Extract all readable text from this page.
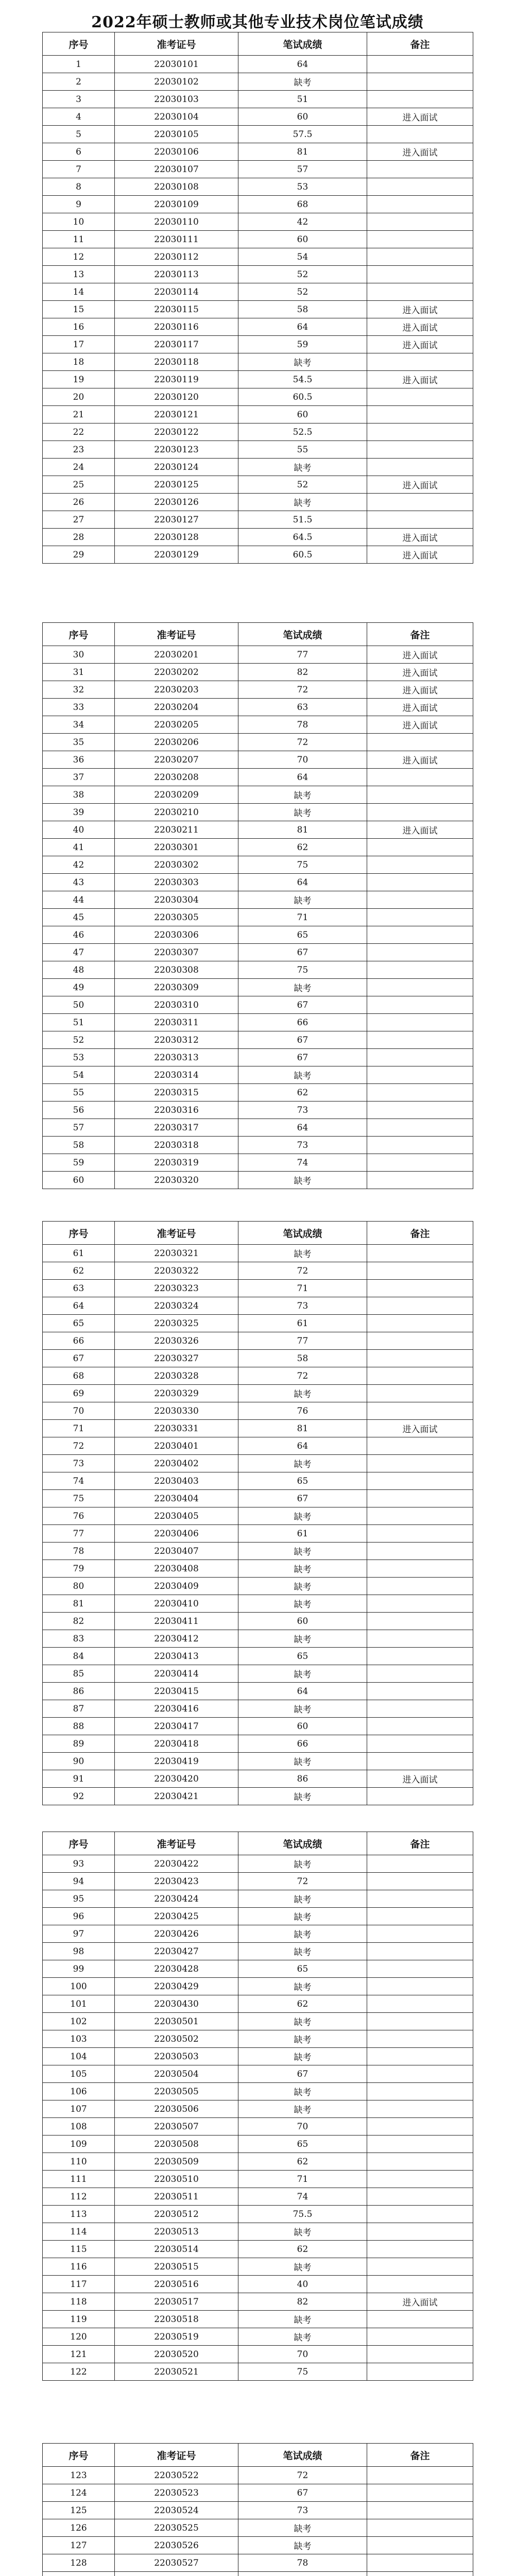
2022年硕士教师或其他专业技术岗位笔试成绩
序号	准考证号	笔试成绩	备注
1	22030101	64	
2	22030102	缺考	
3	22030103	51	
4	22030104	60	进入面试
5	22030105	57.5	
6	22030106	81	进入面试
7	22030107	57	
8	22030108	53	
9	22030109	68	
10	22030110	42	
11	22030111	60	
12	22030112	54	
13	22030113	52	
14	22030114	52	
15	22030115	58	进入面试
16	22030116	64	进入面试
17	22030117	59	进入面试
18	22030118	缺考	
19	22030119	54.5	进入面试
20	22030120	60.5	
21	22030121	60	
22	22030122	52.5	
23	22030123	55	
24	22030124	缺考	
25	22030125	52	进入面试
26	22030126	缺考	
27	22030127	51.5	
28	22030128	64.5	进入面试
29	22030129	60.5	进入面试
序号	准考证号	笔试成绩	备注
30	22030201	77	进入面试
31	22030202	82	进入面试
32	22030203	72	进入面试
33	22030204	63	进入面试
34	22030205	78	进入面试
35	22030206	72	
36	22030207	70	进入面试
37	22030208	64	
38	22030209	缺考	
39	22030210	缺考	
40	22030211	81	进入面试
41	22030301	62	
42	22030302	75	
43	22030303	64	
44	22030304	缺考	
45	22030305	71	
46	22030306	65	
47	22030307	67	
48	22030308	75	
49	22030309	缺考	
50	22030310	67	
51	22030311	66	
52	22030312	67	
53	22030313	67	
54	22030314	缺考	
55	22030315	62	
56	22030316	73	
57	22030317	64	
58	22030318	73	
59	22030319	74	
60	22030320	缺考	
序号	准考证号	笔试成绩	备注
61	22030321	缺考	
62	22030322	72	
63	22030323	71	
64	22030324	73	
65	22030325	61	
66	22030326	77	
67	22030327	58	
68	22030328	72	
69	22030329	缺考	
70	22030330	76	
71	22030331	81	进入面试
72	22030401	64	
73	22030402	缺考	
74	22030403	65	
75	22030404	67	
76	22030405	缺考	
77	22030406	61	
78	22030407	缺考	
79	22030408	缺考	
80	22030409	缺考	
81	22030410	缺考	
82	22030411	60	
83	22030412	缺考	
84	22030413	65	
85	22030414	缺考	
86	22030415	64	
87	22030416	缺考	
88	22030417	60	
89	22030418	66	
90	22030419	缺考	
91	22030420	86	进入面试
92	22030421	缺考	
序号	准考证号	笔试成绩	备注
93	22030422	缺考	
94	22030423	72	
95	22030424	缺考	
96	22030425	缺考	
97	22030426	缺考	
98	22030427	缺考	
99	22030428	65	
100	22030429	缺考	
101	22030430	62	
102	22030501	缺考	
103	22030502	缺考	
104	22030503	缺考	
105	22030504	67	
106	22030505	缺考	
107	22030506	缺考	
108	22030507	70	
109	22030508	65	
110	22030509	62	
111	22030510	71	
112	22030511	74	
113	22030512	75.5	
114	22030513	缺考	
115	22030514	62	
116	22030515	缺考	
117	22030516	40	
118	22030517	82	进入面试
119	22030518	缺考	
120	22030519	缺考	
121	22030520	70	
122	22030521	75	
序号	准考证号	笔试成绩	备注
123	22030522	72	
124	22030523	67	
125	22030524	73	
126	22030525	缺考	
127	22030526	缺考	
128	22030527	78	
